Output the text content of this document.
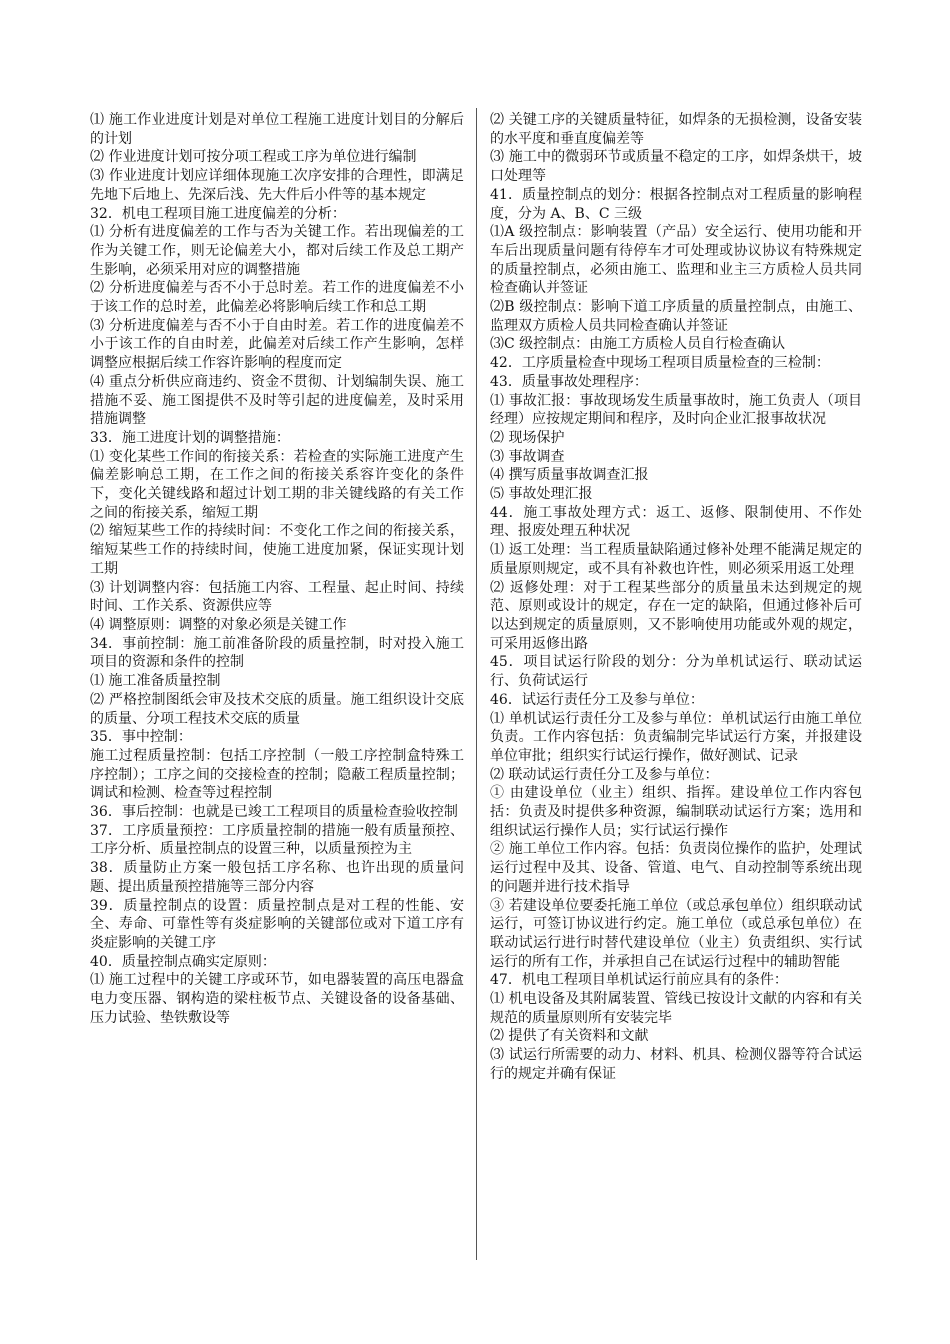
⑴ 施工作业进度计划是对单位工程施工进度计划目的分解后的计划

⑵ 作业进度计划可按分项工程或工序为单位进行编制

⑶ 作业进度计划应详细体现施工次序安排的合理性，即满足先地下后地上、先深后浅、先大件后小件等的基本规定

32．机电工程项目施工进度偏差的分析：

⑴ 分析有进度偏差的工作与否为关键工作。若出现偏差的工作为关键工作，则无论偏差大小，都对后续工作及总工期产生影响，必须采用对应的调整措施

⑵ 分析进度偏差与否不小于总时差。若工作的进度偏差不小于该工作的总时差，此偏差必将影响后续工作和总工期

⑶ 分析进度偏差与否不小于自由时差。若工作的进度偏差不小于该工作的自由时差，此偏差对后续工作产生影响，怎样调整应根据后续工作容许影响的程度而定

⑷ 重点分析供应商违约、资金不贯彻、计划编制失误、施工措施不妥、施工图提供不及时等引起的进度偏差，及时采用措施调整

33．施工进度计划的调整措施：

⑴ 变化某些工作间的衔接关系：若检查的实际施工进度产生偏差影响总工期，在工作之间的衔接关系容许变化的条件下，变化关键线路和超过计划工期的非关键线路的有关工作之间的衔接关系，缩短工期

⑵ 缩短某些工作的持续时间：不变化工作之间的衔接关系，缩短某些工作的持续时间，使施工进度加紧，保证实现计划工期

⑶ 计划调整内容：包括施工内容、工程量、起止时间、持续时间、工作关系、资源供应等

⑷ 调整原则：调整的对象必须是关键工作

34．事前控制：施工前准备阶段的质量控制，时对投入施工项目的资源和条件的控制

⑴ 施工准备质量控制

⑵ 严格控制图纸会审及技术交底的质量。施工组织设计交底的质量、分项工程技术交底的质量

35．事中控制：

施工过程质量控制：包括工序控制（一般工序控制盒特殊工序控制）；工序之间的交接检查的控制；隐蔽工程质量控制；调试和检测、检查等过程控制

36．事后控制：也就是已竣工工程项目的质量检查验收控制

37．工序质量预控：工序质量控制的措施一般有质量预控、工序分析、质量控制点的设置三种，以质量预控为主

38．质量防止方案一般包括工序名称、也许出现的质量问题、提出质量预控措施等三部分内容

39．质量控制点的设置：质量控制点是对工程的性能、安全、寿命、可靠性等有炎症影响的关键部位或对下道工序有炎症影响的关键工序

40．质量控制点确实定原则：

⑴ 施工过程中的关键工序或环节，如电器装置的高压电器盒电力变压器、钢构造的梁柱板节点、关键设备的设备基础、压力试验、垫铁敷设等

⑵ 关键工序的关键质量特征，如焊条的无损检测，设备安装的水平度和垂直度偏差等

⑶ 施工中的微弱环节或质量不稳定的工序，如焊条烘干，坡口处理等

41．质量控制点的划分：根据各控制点对工程质量的影响程度，分为 A、B、C 三级

⑴A 级控制点：影响装置（产品）安全运行、使用功能和开车后出现质量问题有待停车才可处理或协议协议有特殊规定的质量控制点，必须由施工、监理和业主三方质检人员共同检查确认并签证

⑵B 级控制点：影响下道工序质量的质量控制点，由施工、监理双方质检人员共同检查确认并签证

⑶C 级控制点：由施工方质检人员自行检查确认

42．工序质量检查中现场工程项目质量检查的三检制：

43．质量事故处理程序：

⑴ 事故汇报：事故现场发生质量事故时，施工负责人（项目经理）应按规定期间和程序，及时向企业汇报事故状况

⑵ 现场保护

⑶ 事故调查

⑷ 撰写质量事故调查汇报

⑸ 事故处理汇报

44．施工事故处理方式：返工、返修、限制使用、不作处理、报废处理五种状况

⑴ 返工处理：当工程质量缺陷通过修补处理不能满足规定的质量原则规定，或不具有补救也许性，则必须采用返工处理

⑵ 返修处理：对于工程某些部分的质量虽未达到规定的规范、原则或设计的规定，存在一定的缺陷，但通过修补后可以达到规定的质量原则，又不影响使用功能或外观的规定，可采用返修出路

45．项目试运行阶段的划分：分为单机试运行、联动试运行、负荷试运行

46．试运行责任分工及参与单位：

⑴ 单机试运行责任分工及参与单位：单机试运行由施工单位负责。工作内容包括：负责编制完毕试运行方案，并报建设单位审批；组织实行试运行操作，做好测试、记录

⑵ 联动试运行责任分工及参与单位：

① 由建设单位（业主）组织、指挥。建设单位工作内容包括：负责及时提供多种资源，编制联动试运行方案；选用和组织试运行操作人员；实行试运行操作

② 施工单位工作内容。包括：负责岗位操作的监护，处理试运行过程中及其、设备、管道、电气、自动控制等系统出现的问题并进行技术指导

③ 若建设单位要委托施工单位（或总承包单位）组织联动试运行，可签订协议进行约定。施工单位（或总承包单位）在联动试运行进行时替代建设单位（业主）负责组织、实行试运行的所有工作，并承担自己在试运行过程中的辅助智能

47．机电工程项目单机试运行前应具有的条件：

⑴ 机电设备及其附属装置、管线已按设计文献的内容和有关规范的质量原则所有安装完毕

⑵ 提供了有关资料和文献

⑶ 试运行所需要的动力、材料、机具、检测仪器等符合试运行的规定并确有保证
